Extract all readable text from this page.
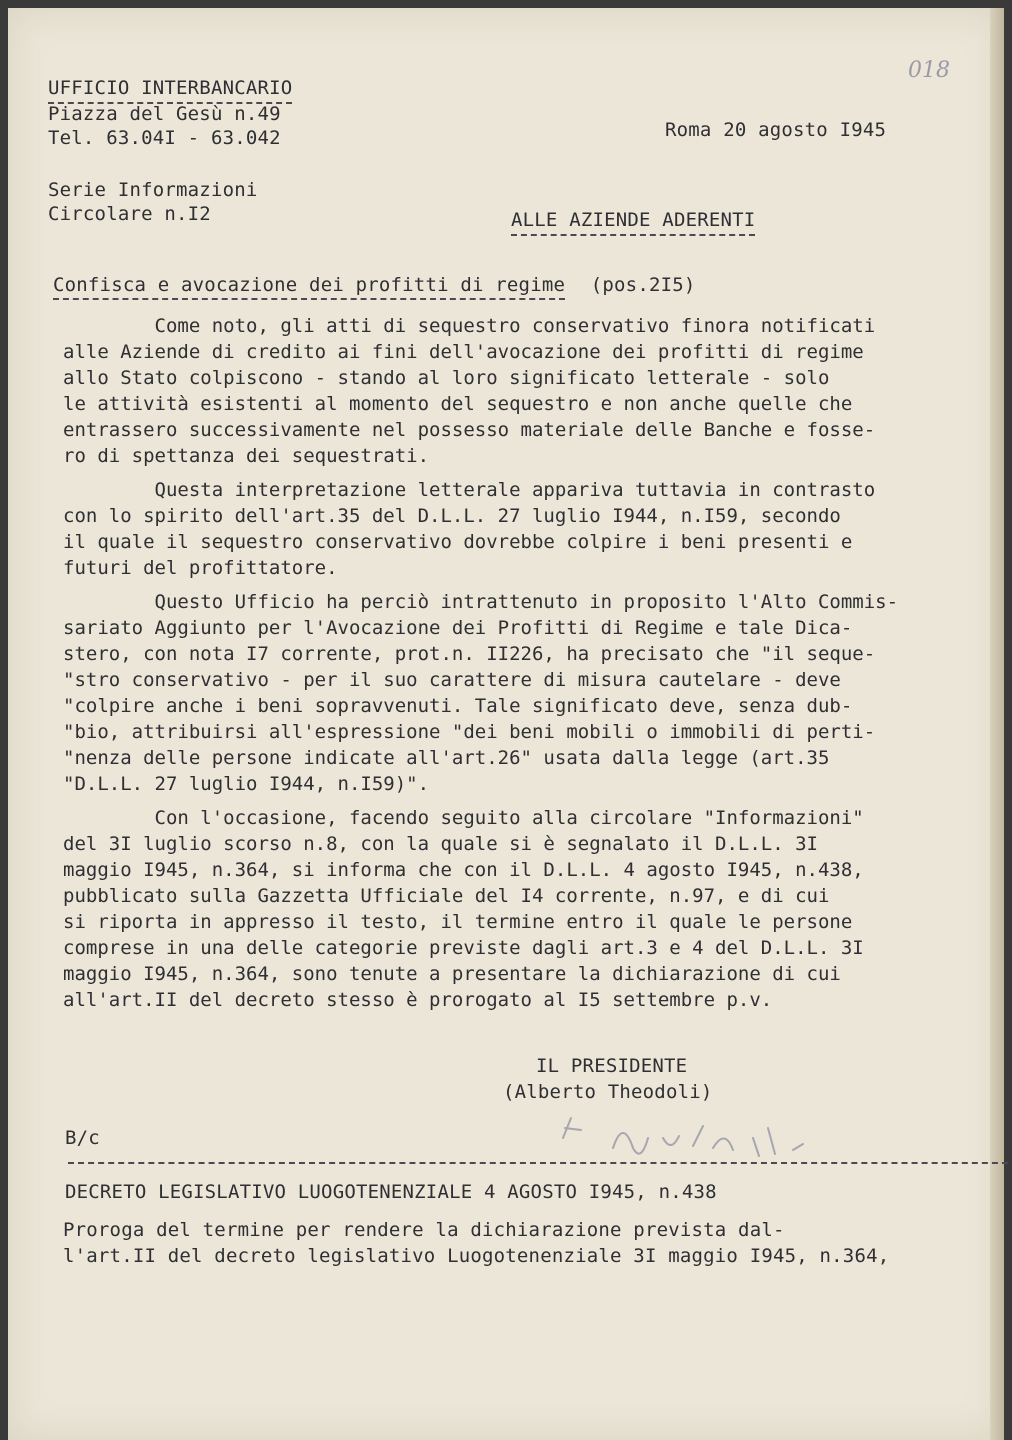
018
UFFICIO INTERBANCARIO
Piazza del Gesù n.49
Tel. 63.04I - 63.042	Roma 20 agosto I945
Serie Informazioni
Circolare n.I2	ALLE AZIENDE ADERENTI
Confisca e avocazione dei profitti di regime (pos.2I5)
Come noto, gli atti di sequestro conservativo finora notificati
alle Aziende di credito ai fini dell'avocazione dei profitti di regime
allo Stato colpiscono - stando al loro significato letterale - solo
le attività esistenti al momento del sequestro e non anche quelle che
entrassero successivamente nel possesso materiale delle Banche e fosse-
ro di spettanza dei sequestrati.
Questa interpretazione letterale appariva tuttavia in contrasto
con lo spirito dell'art.35 del D.L.L. 27 luglio I944, n.I59, secondo
il quale il sequestro conservativo dovrebbe colpire i beni presenti e
futuri del profittatore.
Questo Ufficio ha perciò intrattenuto in proposito l'Alto Commis-
sariato Aggiunto per l'Avocazione dei Profitti di Regime e tale Dica-
stero, con nota I7 corrente, prot.n. II226, ha precisato che "il seque-
"stro conservativo - per il suo carattere di misura cautelare - deve
"colpire anche i beni sopravvenuti. Tale significato deve, senza dub-
"bio, attribuirsi all'espressione "dei beni mobili o immobili di perti-
"nenza delle persone indicate all'art.26" usata dalla legge (art.35
"D.L.L. 27 luglio I944, n.I59)".
Con l'occasione, facendo seguito alla circolare "Informazioni"
del 3I luglio scorso n.8, con la quale si è segnalato il D.L.L. 3I
maggio I945, n.364, si informa che con il D.L.L. 4 agosto I945, n.438,
pubblicato sulla Gazzetta Ufficiale del I4 corrente, n.97, e di cui
si riporta in appresso il testo, il termine entro il quale le persone
comprese in una delle categorie previste dagli art.3 e 4 del D.L.L. 3I
maggio I945, n.364, sono tenute a presentare la dichiarazione di cui
all'art.II del decreto stesso è prorogato al I5 settembre p.v.
IL PRESIDENTE
(Alberto Theodoli)
B/c
DECRETO LEGISLATIVO LUOGOTENENZIALE 4 AGOSTO I945, n.438
Proroga del termine per rendere la dichiarazione prevista dal-
l'art.II del decreto legislativo Luogotenenziale 3I maggio I945, n.364,
